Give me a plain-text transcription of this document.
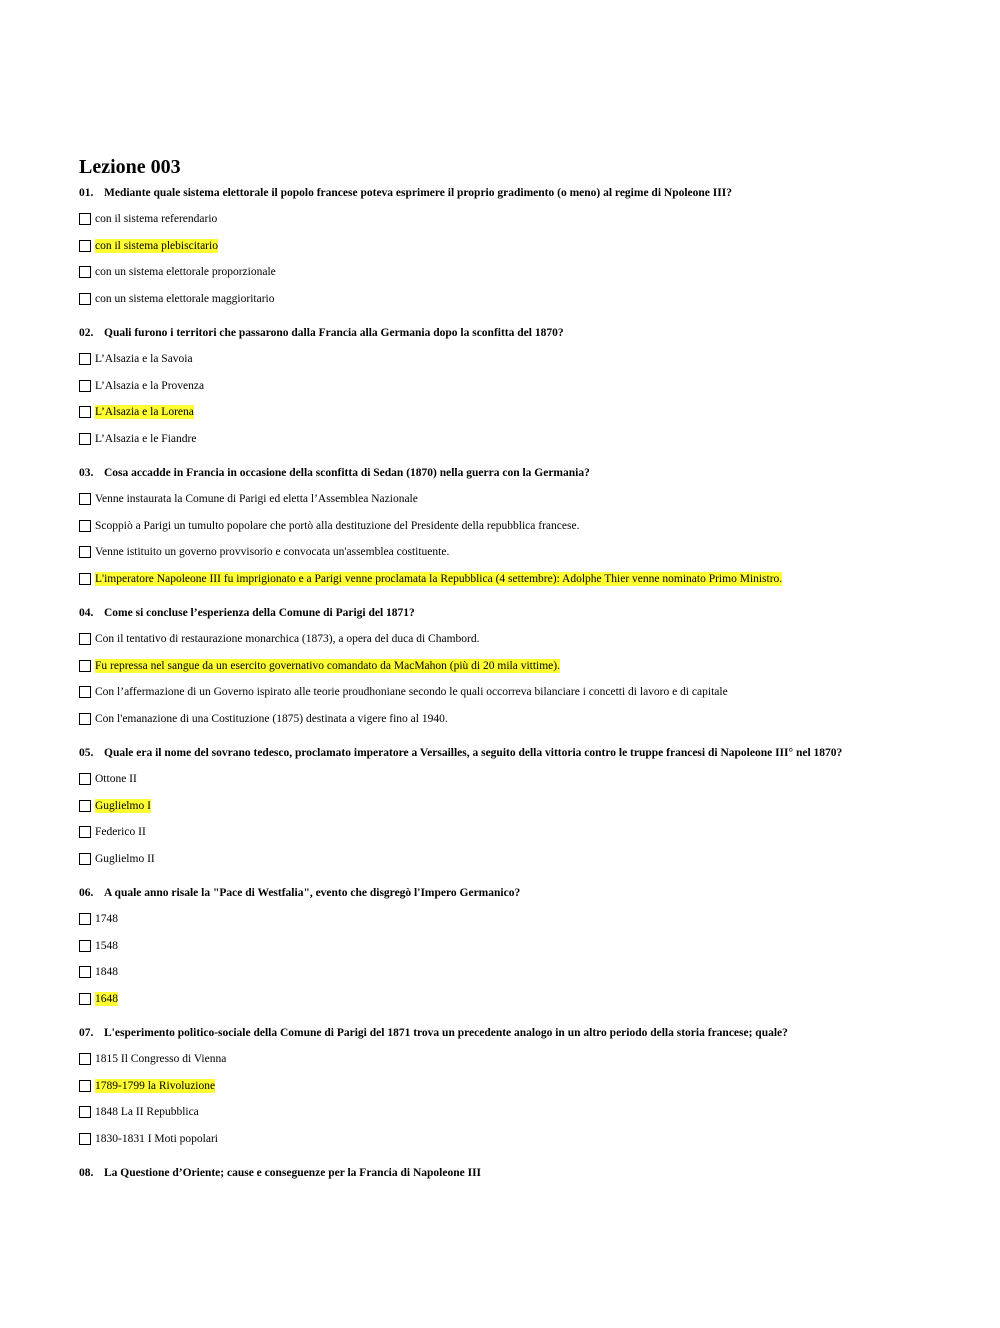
Lezione 003
01. Mediante quale sistema elettorale il popolo francese poteva esprimere il proprio gradimento (o meno) al regime di Npoleone III?
con il sistema referendario
con il sistema plebiscitario
con un sistema elettorale proporzionale
con un sistema elettorale maggioritario
02. Quali furono i territori che passarono dalla Francia alla Germania dopo la sconfitta del 1870?
L’Alsazia e la Savoia
L’Alsazia e la Provenza
L’Alsazia e la Lorena
L’Alsazia e le Fiandre
03. Cosa accadde in Francia in occasione della sconfitta di Sedan (1870) nella guerra con la Germania?
Venne instaurata la Comune di Parigi ed eletta l’Assemblea Nazionale
Scoppiò a Parigi un tumulto popolare che portò alla destituzione del Presidente della repubblica francese.
Venne istituito un governo provvisorio e convocata un'assemblea costituente.
L'imperatore Napoleone III fu imprigionato e a Parigi venne proclamata la Repubblica (4 settembre): Adolphe Thier venne nominato Primo Ministro.
04. Come si concluse l’esperienza della Comune di Parigi del 1871?
Con il tentativo di restaurazione monarchica (1873), a opera del duca di Chambord.
Fu repressa nel sangue da un esercito governativo comandato da MacMahon (più di 20 mila vittime).
Con l’affermazione di un Governo ispirato alle teorie proudhoniane secondo le quali occorreva bilanciare i concetti di lavoro e di capitale
Con l'emanazione di una Costituzione (1875) destinata a vigere fino al 1940.
05. Quale era il nome del sovrano tedesco, proclamato imperatore a Versailles, a seguito della vittoria contro le truppe francesi di Napoleone III° nel 1870?
Ottone II
Guglielmo I
Federico II
Guglielmo II
06. A quale anno risale la "Pace di Westfalia", evento che disgregò l'Impero Germanico?
1748
1548
1848
1648
07. L'esperimento politico-sociale della Comune di Parigi del 1871 trova un precedente analogo in un altro periodo della storia francese; quale?
1815 Il Congresso di Vienna
1789-1799 la Rivoluzione
1848 La II Repubblica
1830-1831 I Moti popolari
08. La Questione d’Oriente; cause e conseguenze per la Francia di Napoleone III
